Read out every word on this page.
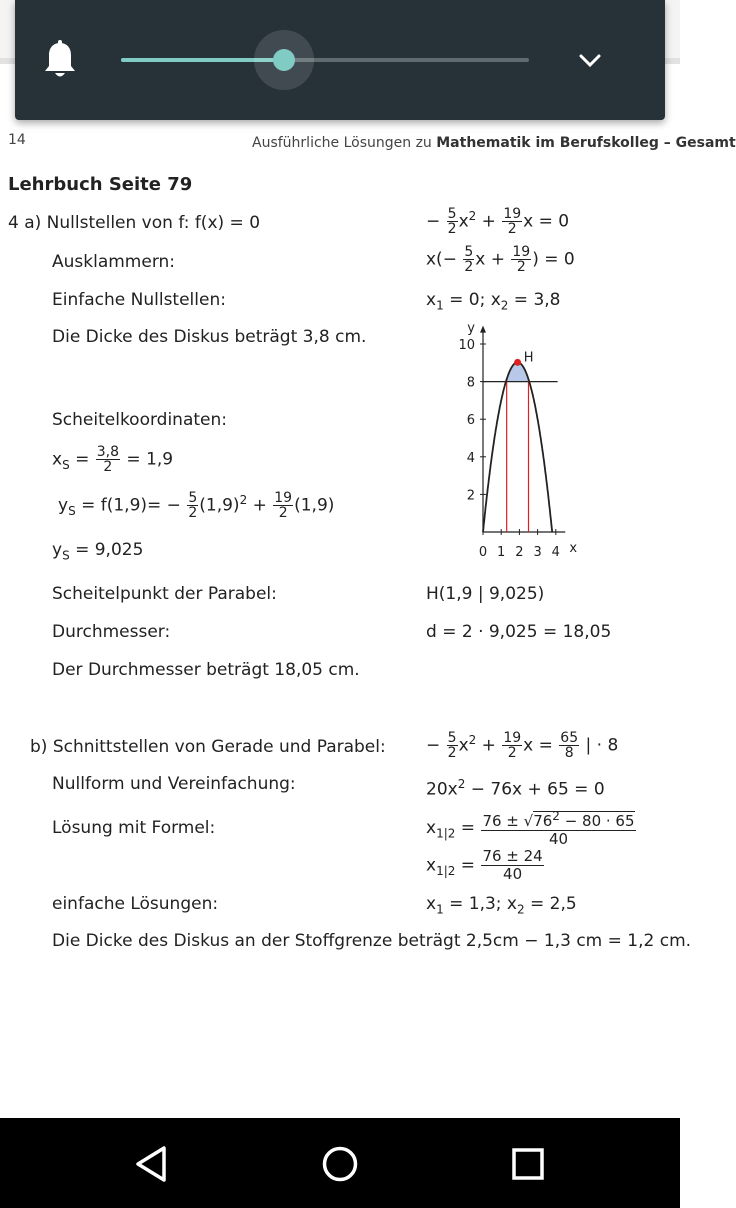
14	Ausführliche Lösungen zu Mathematik im Berufskolleg – Gesamt
Lehrbuch Seite 79
4 a) Nullstellen von f: f(x) = 0	− $\frac{5}{2} x^2 + \frac{19}{2}$ x = 0
Ausklammern:	$x(- \frac{5}{2}$ $x + \frac{19}{2}$ ) = 0
Einfache Nullstellen:	$x_1 = 0$; $x_2 = 3,8$
Die Dicke des Diskus beträgt 3,8 cm.
Scheitelkoordinaten:
$x_S = \frac{3,8}{2} = 1,9$
$y_S = f(1,9)= - \frac{5}{2} (1,9)^2 + \frac{19}{2} (1,9)$
$y_S = 9,025$
2
4
6
8
10
0 1 2 3 4
y
x
H
Scheitelpunkt der Parabel:	H(1,9 | 9,025)
Durchmesser:	d = 2 · 9,025 = 18,05
Der Durchmesser beträgt 18,05 cm.
b) Schnittstellen von Gerade und Parabel: − $\frac{5}{2} x^2 + \frac{19}{2}$ $x = \frac{65}{8}$ | · 8
Nullform und Vereinfachung:	$20x^2 - 76x + 65 = 0$
Lösung mit Formel:	$x_{1|2} = \frac{76 \pm √76^2 - 80 \cdot 65}{40}$
$x_{1|2} = \frac{76 \pm 24}{40}$
einfache Lösungen:	$x_1 = 1,3$; $x_2 = 2,5$
Die Dicke des Diskus an der Stoffgrenze beträgt 2,5cm − 1,3 cm = 1,2 cm.
